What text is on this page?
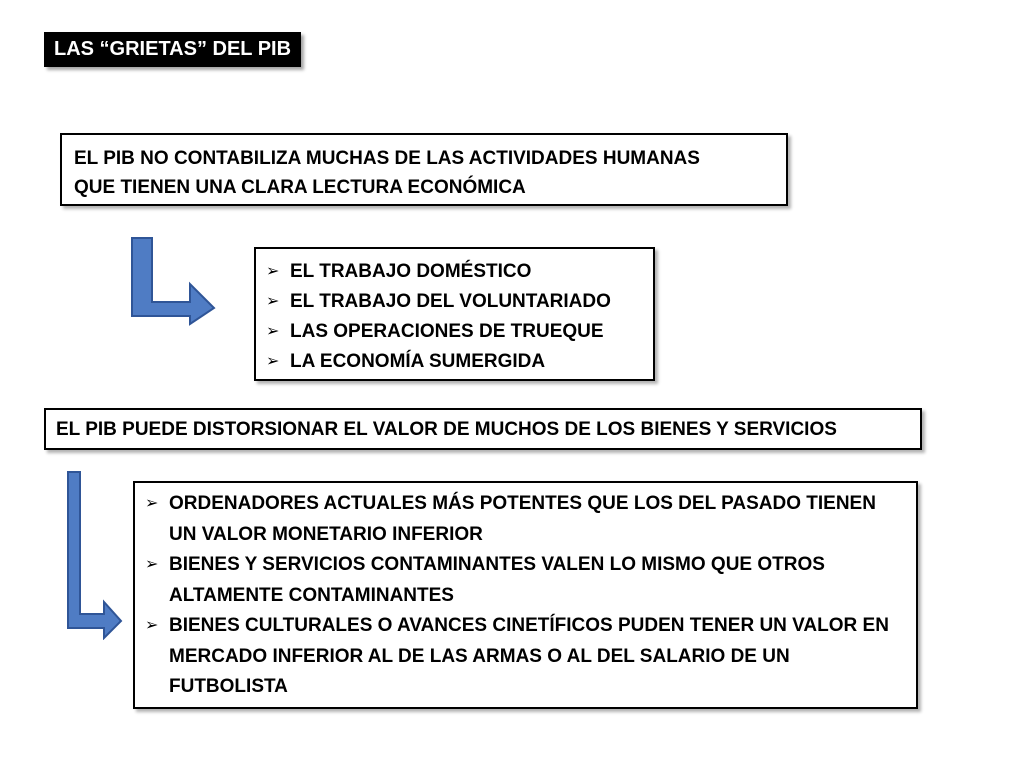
LAS “GRIETAS” DEL PIB
EL PIB NO CONTABILIZA MUCHAS DE LAS ACTIVIDADES HUMANAS
QUE TIENEN UNA CLARA LECTURA ECONÓMICA
➢ EL TRABAJO DOMÉSTICO
➢ EL TRABAJO DEL VOLUNTARIADO
➢ LAS OPERACIONES DE TRUEQUE
➢ LA ECONOMÍA SUMERGIDA
EL PIB PUEDE DISTORSIONAR EL VALOR DE MUCHOS DE LOS BIENES Y SERVICIOS
➢ ORDENADORES ACTUALES MÁS POTENTES QUE LOS DEL PASADO TIENEN UN VALOR MONETARIO INFERIOR
➢ BIENES Y SERVICIOS CONTAMINANTES VALEN LO MISMO QUE OTROS ALTAMENTE CONTAMINANTES
➢ BIENES CULTURALES O AVANCES CINETÍFICOS PUDEN TENER UN VALOR EN MERCADO INFERIOR AL DE LAS ARMAS O AL DEL SALARIO DE UN FUTBOLISTA
